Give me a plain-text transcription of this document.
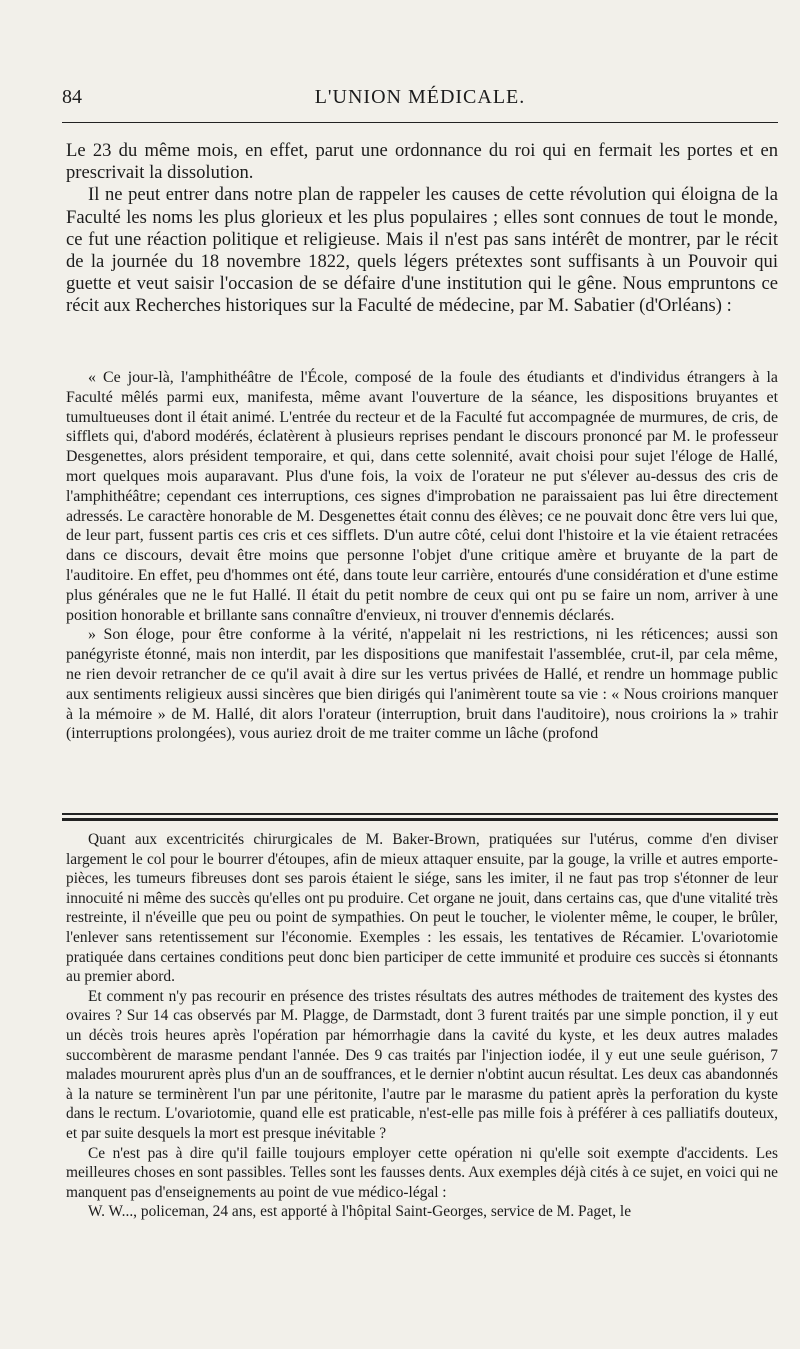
84	L'UNION MÉDICALE.

Le 23 du même mois, en effet, parut une ordonnance du roi qui en fermait les portes et en prescrivait la dissolution.

Il ne peut entrer dans notre plan de rappeler les causes de cette révolution qui éloigna de la Faculté les noms les plus glorieux et les plus populaires ; elles sont connues de tout le monde, ce fut une réaction politique et religieuse. Mais il n'est pas sans intérêt de montrer, par le récit de la journée du 18 novembre 1822, quels légers prétextes sont suffisants à un Pouvoir qui guette et veut saisir l'occasion de se défaire d'une institution qui le gêne. Nous empruntons ce récit aux Recherches historiques sur la Faculté de médecine, par M. Sabatier (d'Orléans) :

« Ce jour-là, l'amphithéâtre de l'École, composé de la foule des étudiants et d'individus étrangers à la Faculté mêlés parmi eux, manifesta, même avant l'ouverture de la séance, les dispositions bruyantes et tumultueuses dont il était animé. L'entrée du recteur et de la Faculté fut accompagnée de murmures, de cris, de sifflets qui, d'abord modérés, éclatèrent à plusieurs reprises pendant le discours prononcé par M. le professeur Desgenettes, alors président temporaire, et qui, dans cette solennité, avait choisi pour sujet l'éloge de Hallé, mort quelques mois auparavant. Plus d'une fois, la voix de l'orateur ne put s'élever au-dessus des cris de l'amphithéâtre; cependant ces interruptions, ces signes d'improbation ne paraissaient pas lui être directement adressés. Le caractère honorable de M. Desgenettes était connu des élèves; ce ne pouvait donc être vers lui que, de leur part, fussent partis ces cris et ces sifflets. D'un autre côté, celui dont l'histoire et la vie étaient retracées dans ce discours, devait être moins que personne l'objet d'une critique amère et bruyante de la part de l'auditoire. En effet, peu d'hommes ont été, dans toute leur carrière, entourés d'une considération et d'une estime plus générales que ne le fut Hallé. Il était du petit nombre de ceux qui ont pu se faire un nom, arriver à une position honorable et brillante sans connaître d'envieux, ni trouver d'ennemis déclarés.

» Son éloge, pour être conforme à la vérité, n'appelait ni les restrictions, ni les réticences; aussi son panégyriste étonné, mais non interdit, par les dispositions que manifestait l'assemblée, crut-il, par cela même, ne rien devoir retrancher de ce qu'il avait à dire sur les vertus privées de Hallé, et rendre un hommage public aux sentiments religieux aussi sincères que bien dirigés qui l'animèrent toute sa vie : « Nous croirions manquer à la mémoire » de M. Hallé, dit alors l'orateur (interruption, bruit dans l'auditoire), nous croirions la » trahir (interruptions prolongées), vous auriez droit de me traiter comme un lâche (profond

Quant aux excentricités chirurgicales de M. Baker-Brown, pratiquées sur l'utérus, comme d'en diviser largement le col pour le bourrer d'étoupes, afin de mieux attaquer ensuite, par la gouge, la vrille et autres emporte-pièces, les tumeurs fibreuses dont ses parois étaient le siége, sans les imiter, il ne faut pas trop s'étonner de leur innocuité ni même des succès qu'elles ont pu produire. Cet organe ne jouit, dans certains cas, que d'une vitalité très restreinte, il n'éveille que peu ou point de sympathies. On peut le toucher, le violenter même, le couper, le brûler, l'enlever sans retentissement sur l'économie. Exemples : les essais, les tentatives de Récamier. L'ovariotomie pratiquée dans certaines conditions peut donc bien participer de cette immunité et produire ces succès si étonnants au premier abord.

Et comment n'y pas recourir en présence des tristes résultats des autres méthodes de traitement des kystes des ovaires ? Sur 14 cas observés par M. Plagge, de Darmstadt, dont 3 furent traités par une simple ponction, il y eut un décès trois heures après l'opération par hémorrhagie dans la cavité du kyste, et les deux autres malades succombèrent de marasme pendant l'année. Des 9 cas traités par l'injection iodée, il y eut une seule guérison, 7 malades moururent après plus d'un an de souffrances, et le dernier n'obtint aucun résultat. Les deux cas abandonnés à la nature se terminèrent l'un par une péritonite, l'autre par le marasme du patient après la perforation du kyste dans le rectum. L'ovariotomie, quand elle est praticable, n'est-elle pas mille fois à préférer à ces palliatifs douteux, et par suite desquels la mort est presque inévitable ?

Ce n'est pas à dire qu'il faille toujours employer cette opération ni qu'elle soit exempte d'accidents. Les meilleures choses en sont passibles. Telles sont les fausses dents. Aux exemples déjà cités à ce sujet, en voici qui ne manquent pas d'enseignements au point de vue médico-légal :

W. W..., policeman, 24 ans, est apporté à l'hôpital Saint-Georges, service de M. Paget, le
